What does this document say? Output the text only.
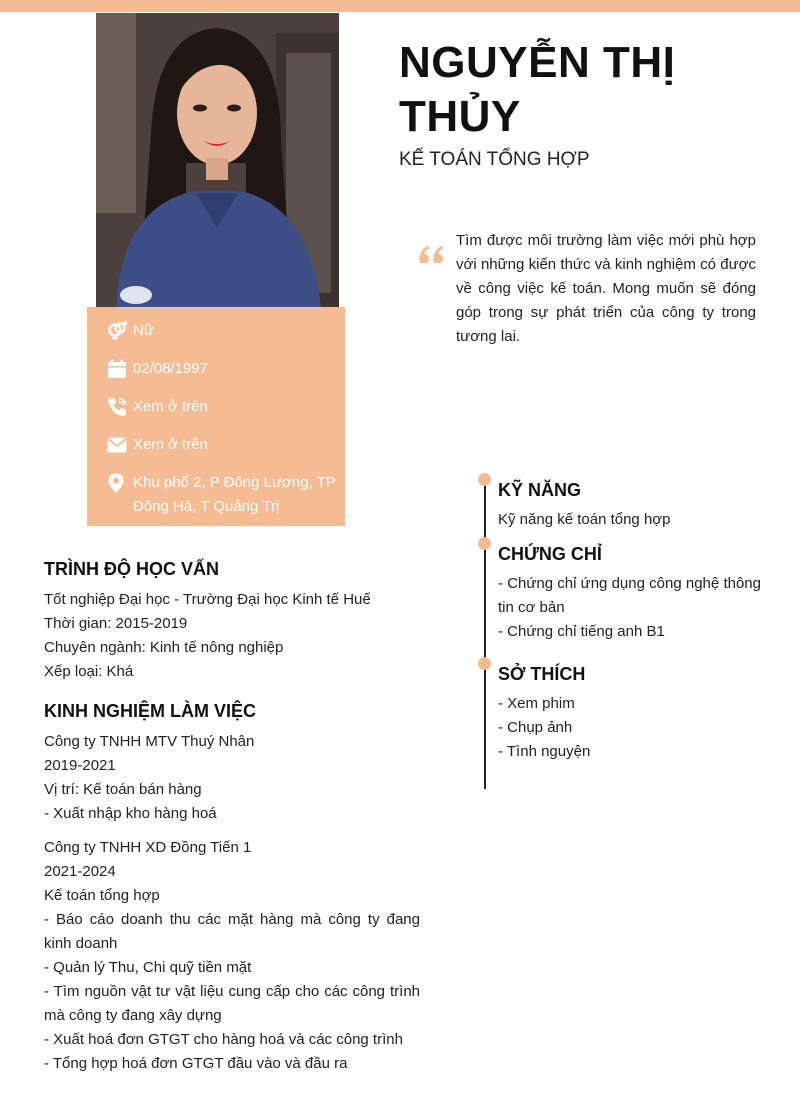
Nữ
02/08/1997
Xem ở trên
Xem ở trên
Khu phố 2, P Đông Lương, TP
Đông Hà, T Quảng Trị
NGUYỄN THỊ
THỦY
KẾ TOÁN TỔNG HỢP
Tìm được môi trường làm việc mới phù hợp với những kiến thức và kinh nghiệm có được về công việc kế toán. Mong muốn sẽ đóng góp trong sự phát triển của công ty trong tương lai.
TRÌNH ĐỘ HỌC VẤN
Tốt nghiệp Đại học - Trường Đại học Kinh tế Huế
Thời gian: 2015-2019
Chuyên ngành: Kinh tế nông nghiệp
Xếp loại: Khá
KINH NGHIỆM LÀM VIỆC
Công ty TNHH MTV Thuý Nhân
2019-2021
Vị trí: Kế toán bán hàng
- Xuất nhập kho hàng hoá
Công ty TNHH XD Đồng Tiến 1
2021-2024
Kế toán tổng hợp
- Báo cáo doanh thu các mặt hàng mà công ty đang kinh doanh
- Quản lý Thu, Chi quỹ tiền mặt
- Tìm nguồn vật tư vật liệu cung cấp cho các công trình mà công ty đang xây dựng
- Xuất hoá đơn GTGT cho hàng hoá và các công trình
- Tổng hợp hoá đơn GTGT đầu vào và đầu ra
KỸ NĂNG
Kỹ năng kế toán tổng hợp
CHỨNG CHỈ
- Chứng chỉ ứng dụng công nghệ thông tin cơ bản
- Chứng chỉ tiếng anh B1
SỞ THÍCH
- Xem phim
- Chụp ảnh
- Tình nguyện
